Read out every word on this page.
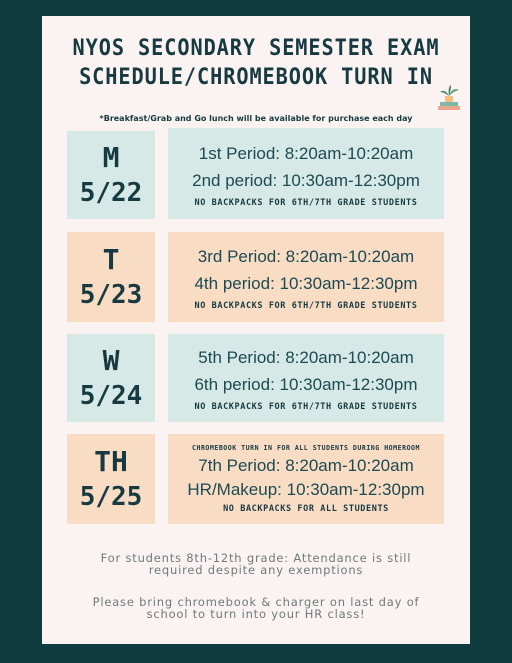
NYOS SECONDARY SEMESTER EXAM
SCHEDULE/CHROMEBOOK TURN IN
*Breakfast/Grab and Go lunch will be available for purchase each day
M
5/22
1st Period: 8:20am-10:20am
2nd period: 10:30am-12:30pm
NO BACKPACKS FOR 6TH/7TH GRADE STUDENTS
T
5/23
3rd Period: 8:20am-10:20am
4th period: 10:30am-12:30pm
NO BACKPACKS FOR 6TH/7TH GRADE STUDENTS
W
5/24
5th Period: 8:20am-10:20am
6th period: 10:30am-12:30pm
NO BACKPACKS FOR 6TH/7TH GRADE STUDENTS
TH
5/25
CHROMEBOOK TURN IN FOR ALL STUDENTS DURING HOMEROOM
7th Period: 8:20am-10:20am
HR/Makeup: 10:30am-12:30pm
NO BACKPACKS FOR ALL STUDENTS
For students 8th-12th grade: Attendance is still
required despite any exemptions
Please bring chromebook & charger on last day of
school to turn into your HR class!
